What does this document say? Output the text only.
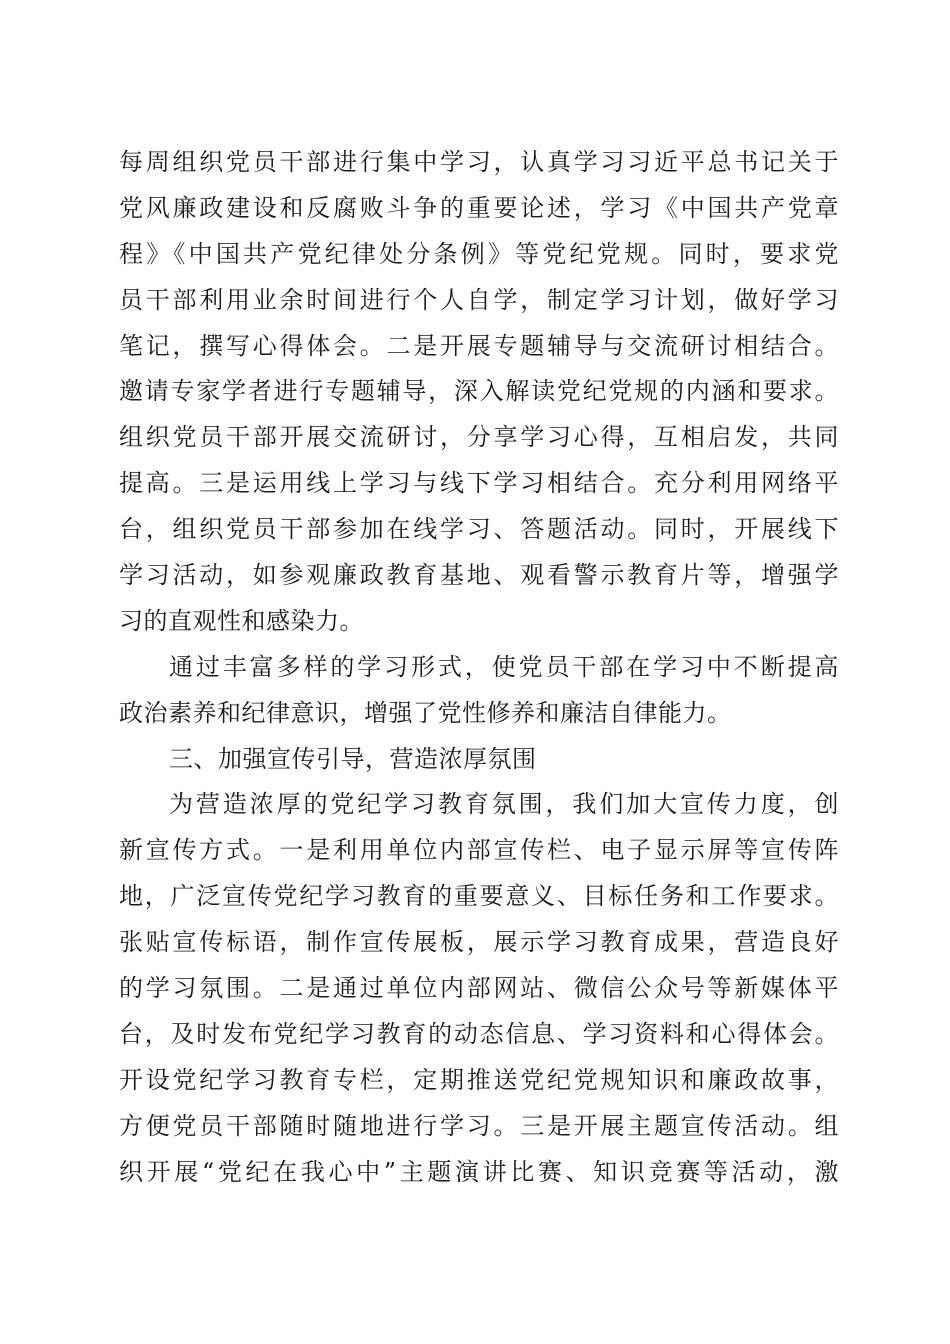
每周组织党员干部进行集中学习，认真学习习近平总书记关于
党风廉政建设和反腐败斗争的重要论述，学习《中国共产党章
程》《中国共产党纪律处分条例》等党纪党规。同时，要求党
员干部利用业余时间进行个人自学，制定学习计划，做好学习
笔记，撰写心得体会。二是开展专题辅导与交流研讨相结合。
邀请专家学者进行专题辅导，深入解读党纪党规的内涵和要求。
组织党员干部开展交流研讨，分享学习心得，互相启发，共同
提高。三是运用线上学习与线下学习相结合。充分利用网络平
台，组织党员干部参加在线学习、答题活动。同时，开展线下
学习活动，如参观廉政教育基地、观看警示教育片等，增强学
习的直观性和感染力。
通过丰富多样的学习形式，使党员干部在学习中不断提高
政治素养和纪律意识，增强了党性修养和廉洁自律能力。
三、加强宣传引导，营造浓厚氛围
为营造浓厚的党纪学习教育氛围，我们加大宣传力度，创
新宣传方式。一是利用单位内部宣传栏、电子显示屏等宣传阵
地，广泛宣传党纪学习教育的重要意义、目标任务和工作要求。
张贴宣传标语，制作宣传展板，展示学习教育成果，营造良好
的学习氛围。二是通过单位内部网站、微信公众号等新媒体平
台，及时发布党纪学习教育的动态信息、学习资料和心得体会。
开设党纪学习教育专栏，定期推送党纪党规知识和廉政故事，
方便党员干部随时随地进行学习。三是开展主题宣传活动。组
织开展“党纪在我心中”主题演讲比赛、知识竞赛等活动，激
